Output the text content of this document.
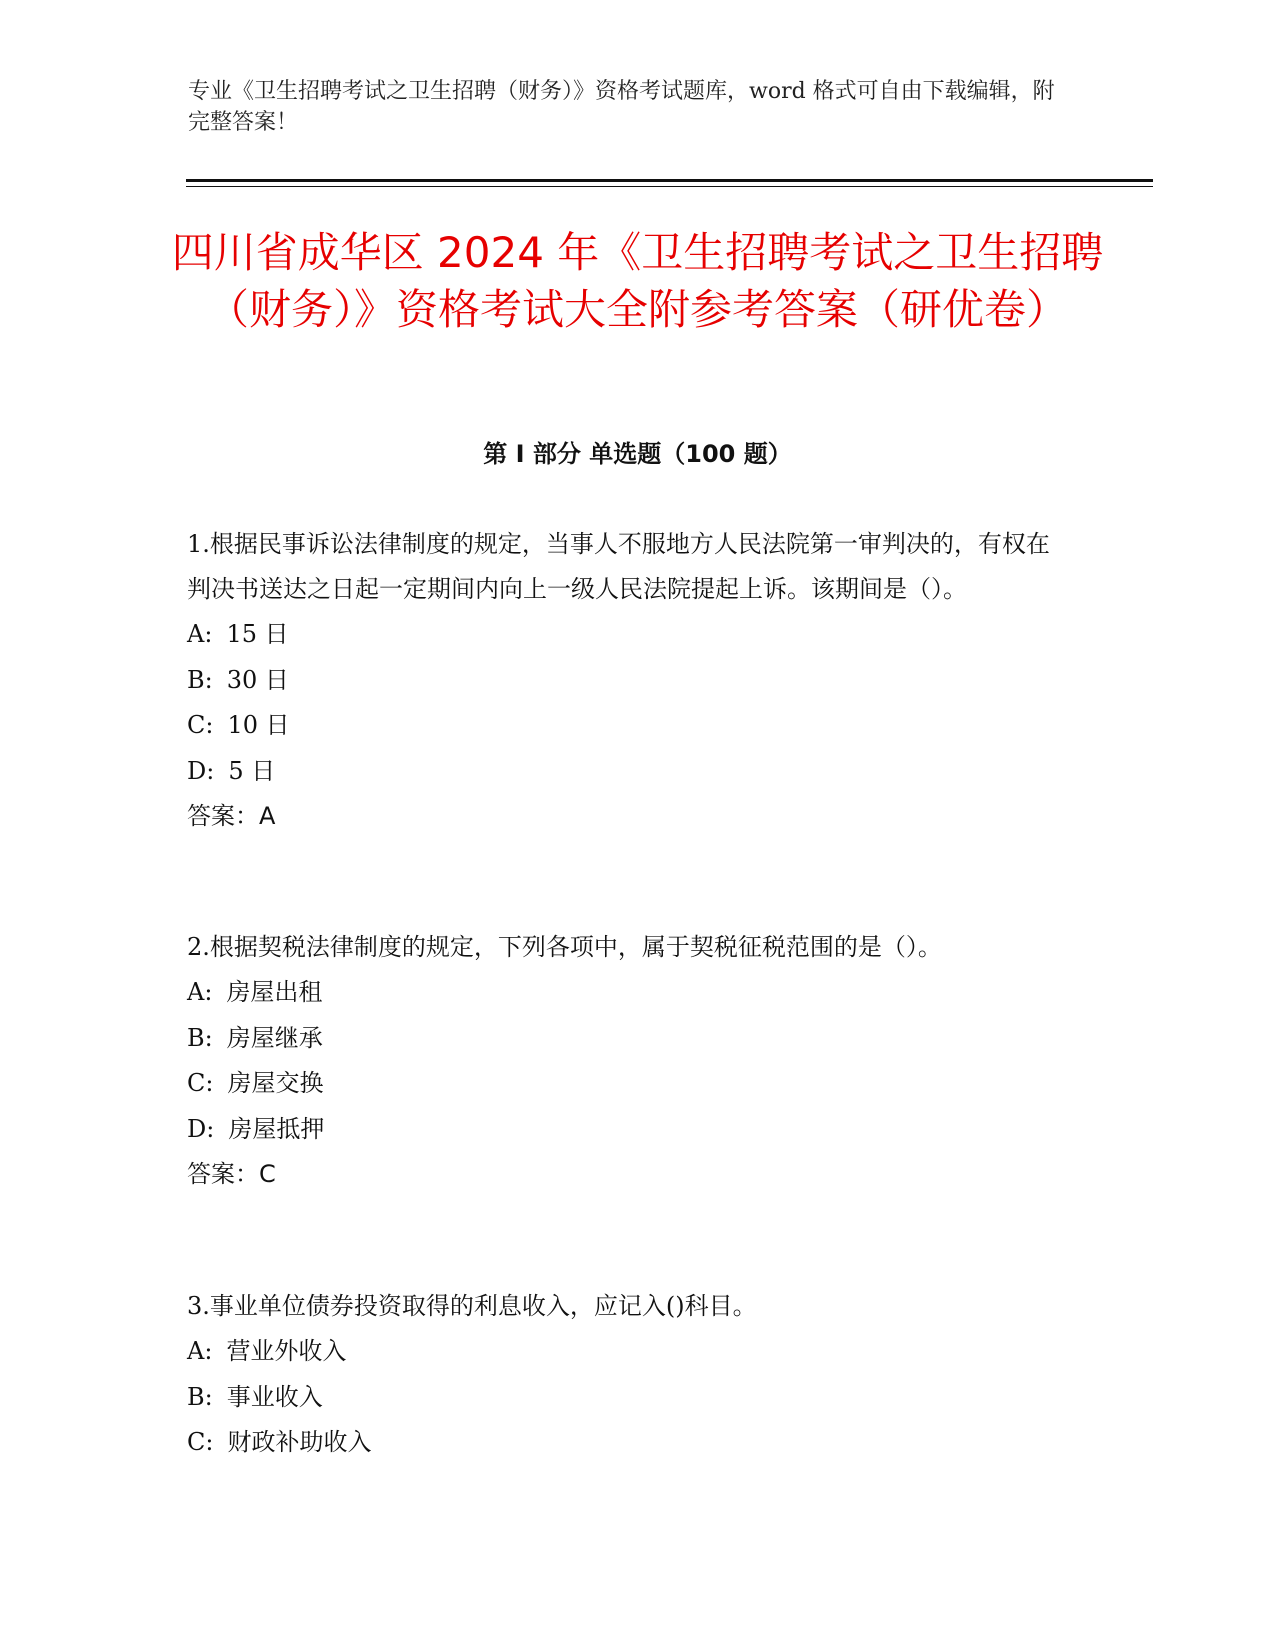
专业《卫生招聘考试之卫生招聘（财务）》资格考试题库，word 格式可自由下载编辑，附完整答案！
四川省成华区 2024 年《卫生招聘考试之卫生招聘（财务）》资格考试大全附参考答案（研优卷）
第 I 部分 单选题（100 题）

1.根据民事诉讼法律制度的规定，当事人不服地方人民法院第一审判决的，有权在判决书送达之日起一定期间内向上一级人民法院提起上诉。该期间是（）。

A : 15 日

B : 30 日

C : 10 日

D : 5 日

答案：A

2.根据契税法律制度的规定，下列各项中，属于契税征税范围的是（）。

A : 房屋出租

B : 房屋继承

C : 房屋交换

D : 房屋抵押

答案：C

3.事业单位债券投资取得的利息收入，应记入()科目。

A : 营业外收入

B : 事业收入

C : 财政补助收入
